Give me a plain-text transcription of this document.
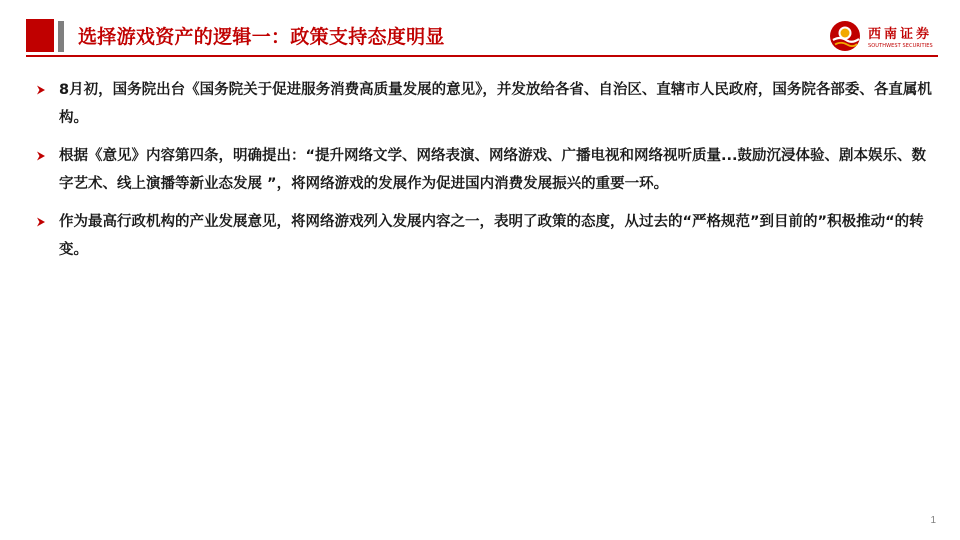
选择游戏资产的逻辑一：政策支持态度明显	西南证券
SOUTHWEST SECURITIES
8月初，国务院出台《国务院关于促进服务消费高质量发展的意见》，并发放给各省、自治区、直辖市人民政府，国务院各部委、各直属机构。
根据《意见》内容第四条，明确提出：“提升网络文学、网络表演、网络游戏、广播电视和网络视听质量...鼓励沉浸体验、剧本娱乐、数字艺术、线上演播等新业态发展 ”，将网络游戏的发展作为促进国内消费发展振兴的重要一环。
作为最高行政机构的产业发展意见，将网络游戏列入发展内容之一，表明了政策的态度，从过去的“严格规范”到目前的”积极推动“的转变。
1
